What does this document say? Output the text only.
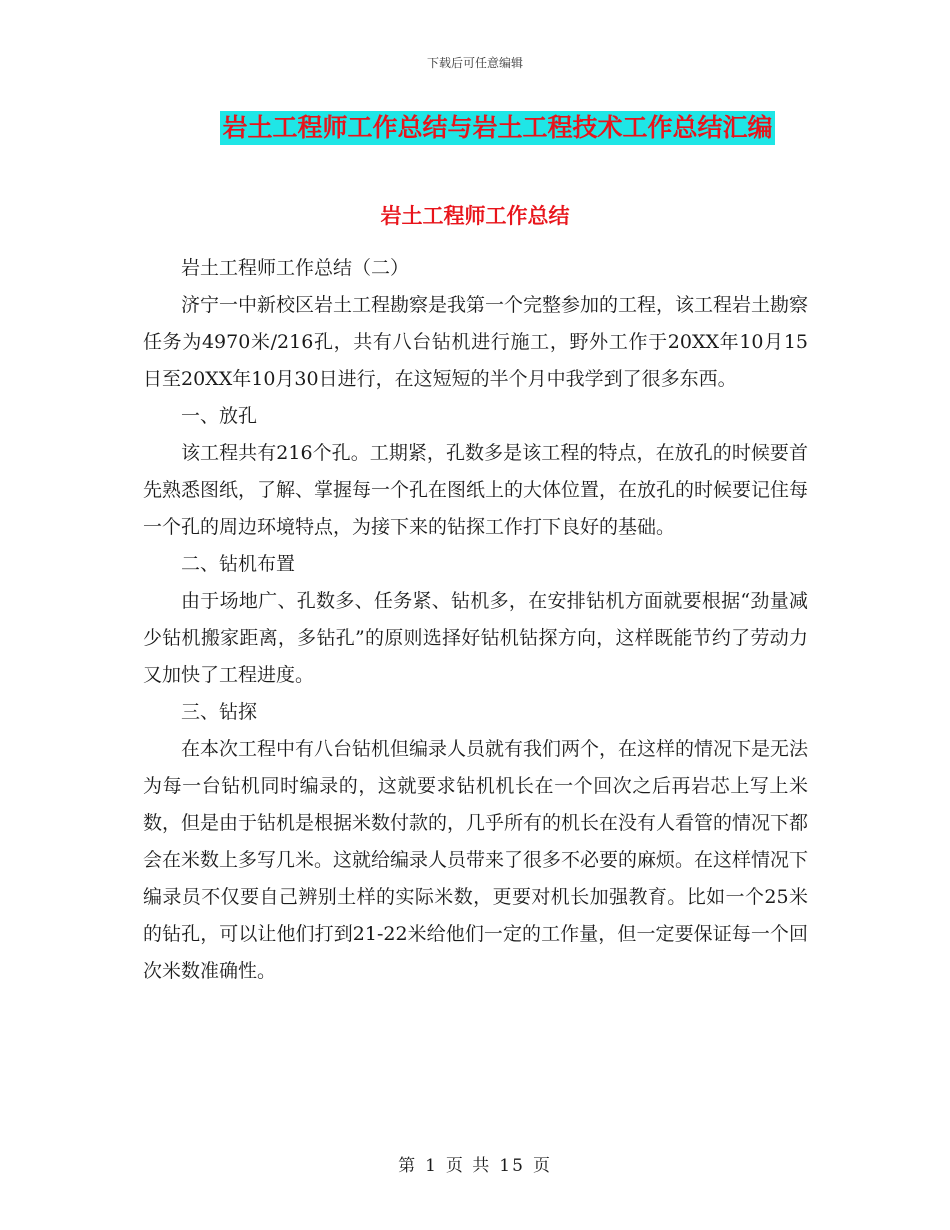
下载后可任意编辑
岩土工程师工作总结与岩土工程技术工作总结汇编
岩土工程师工作总结

岩土工程师工作总结（二）

济宁一中新校区岩土工程勘察是我第一个完整参加的工程，该工程岩土勘察任务为4970米/216孔，共有八台钻机进行施工，野外工作于20XX年10月15日至20XX年10月30日进行，在这短短的半个月中我学到了很多东西。

一、放孔

该工程共有216个孔。工期紧，孔数多是该工程的特点，在放孔的时候要首先熟悉图纸，了解、掌握每一个孔在图纸上的大体位置，在放孔的时候要记住每一个孔的周边环境特点，为接下来的钻探工作打下良好的基础。

二、钻机布置

由于场地广、孔数多、任务紧、钻机多，在安排钻机方面就要根据“劲量减少钻机搬家距离，多钻孔”的原则选择好钻机钻探方向，这样既能节约了劳动力又加快了工程进度。

三、钻探

在本次工程中有八台钻机但编录人员就有我们两个，在这样的情况下是无法为每一台钻机同时编录的，这就要求钻机机长在一个回次之后再岩芯上写上米数，但是由于钻机是根据米数付款的，几乎所有的机长在没有人看管的情况下都会在米数上多写几米。这就给编录人员带来了很多不必要的麻烦。在这样情况下编录员不仅要自己辨别土样的实际米数，更要对机长加强教育。比如一个25米的钻孔，可以让他们打到21-22米给他们一定的工作量，但一定要保证每一个回次米数准确性。

第 1 页 共 15 页
